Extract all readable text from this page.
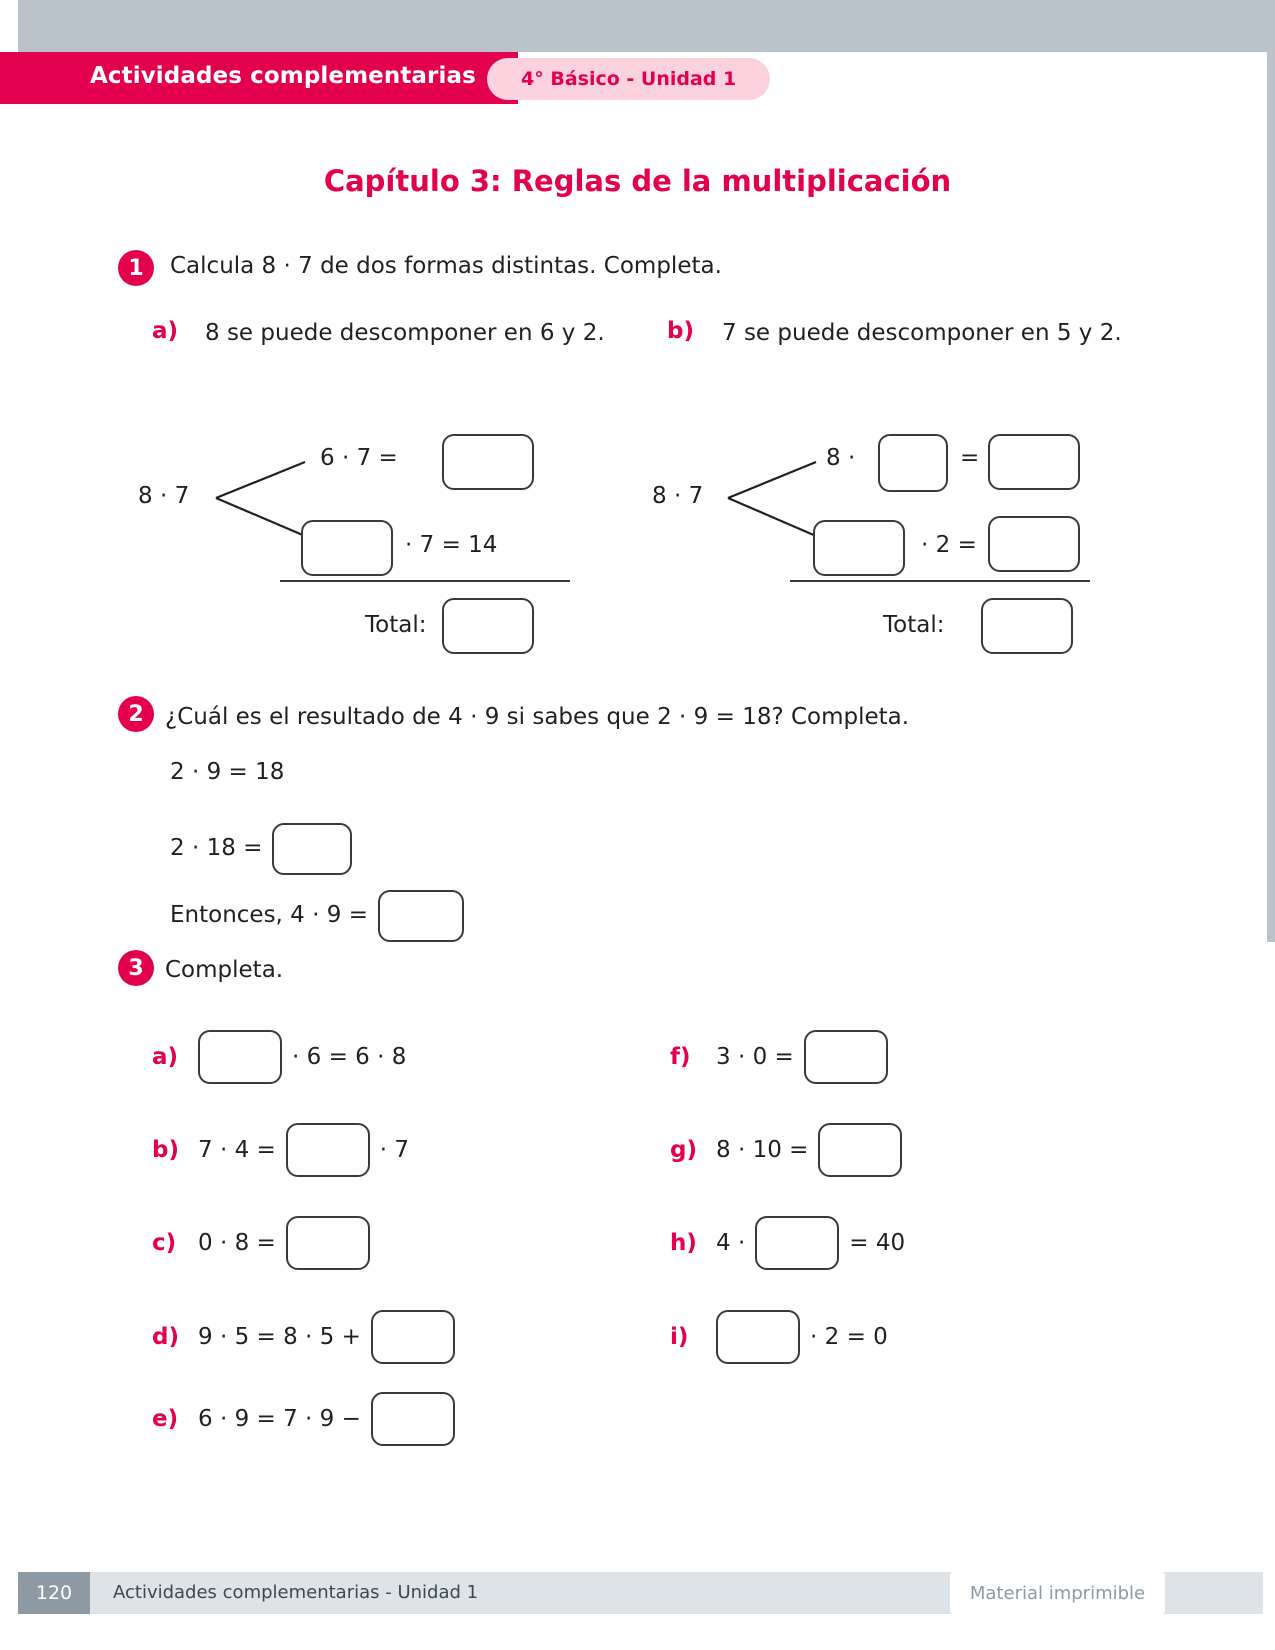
Actividades complementarias 4° Básico - Unidad 1
Capítulo 3: Reglas de la multiplicación
1	Calcula 8 · 7 de dos formas distintas. Completa.
a) 8 se puede descomponer en 6 y 2.	b) 7 se puede descomponer en 5 y 2.
8 · 7
6 · 7 =
· 7 = 14
Total:
8 · 7
8 ·	=
· 2 =
Total:
2 ¿Cuál es el resultado de 4 · 9 si sabes que 2 · 9 = 18? Completa.
2 · 9 = 18
2 · 18 =
Entonces, 4 · 9 =
3 Completa.
a)	· 6 = 6 · 8
b) 7 · 4 =	· 7
c) 0 · 8 =
d) 9 · 5 = 8 · 5 +
e) 6 · 9 = 7 · 9 −
f)	3 · 0 =
g) 8 · 10 =
h) 4 ·	= 40
i)	· 2 = 0
120	Actividades complementarias - Unidad 1	Material imprimible
